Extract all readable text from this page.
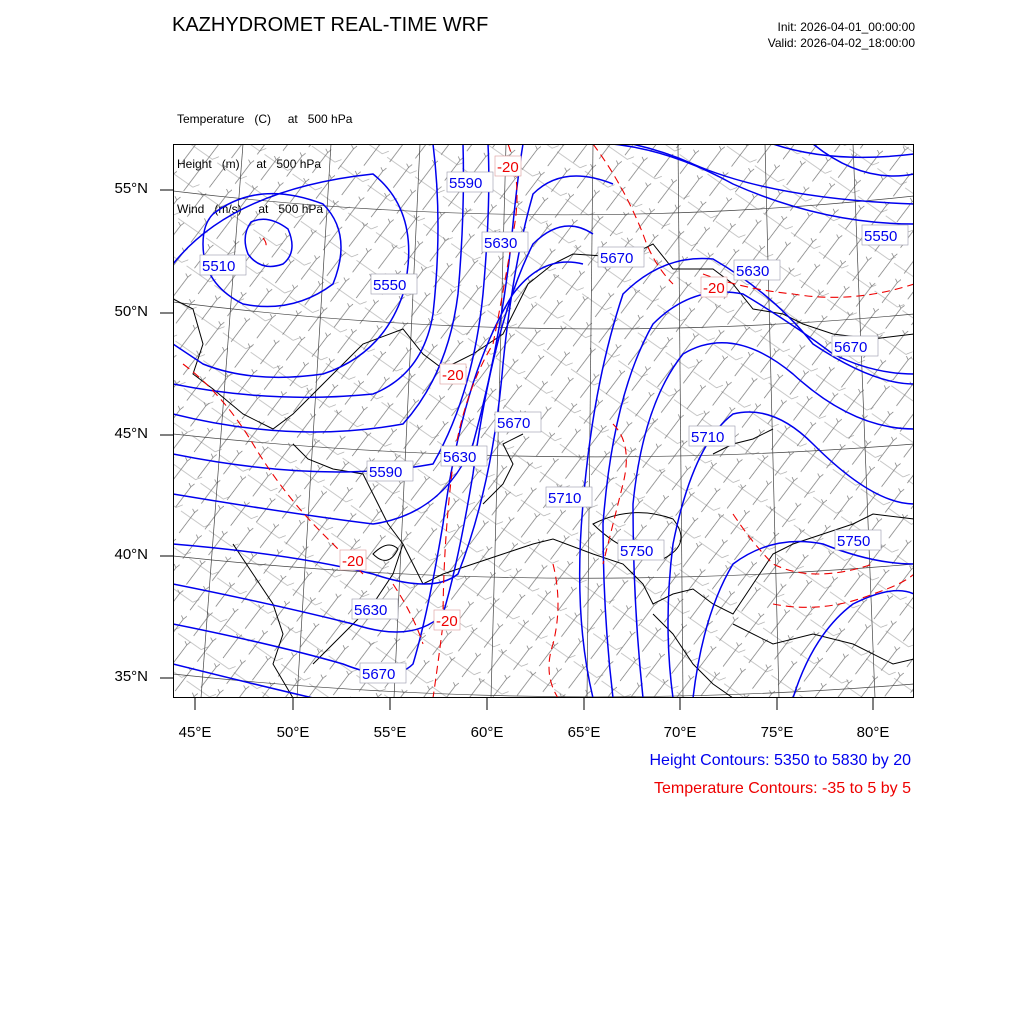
KAZHYDROMET REAL-TIME WRF	Init: 2026-04-01_00:00:00
Valid: 2026-04-02_18:00:00

Temperature   (C)     at   500 hPa

55°N
50°N
45°N
40°N
35°N
45°E	50°E	55°E	60°E	65°E	70°E	75°E	80°E
Height Contours: 5350 to 5830 by 20
Temperature Contours: -35 to 5 by 5
5590
5630
5510
5550
5670
5630
5550
5670
5670
5710
5590
5630
5710
5750
5750
5630
5670
-20
-20
-20
-20
-20
